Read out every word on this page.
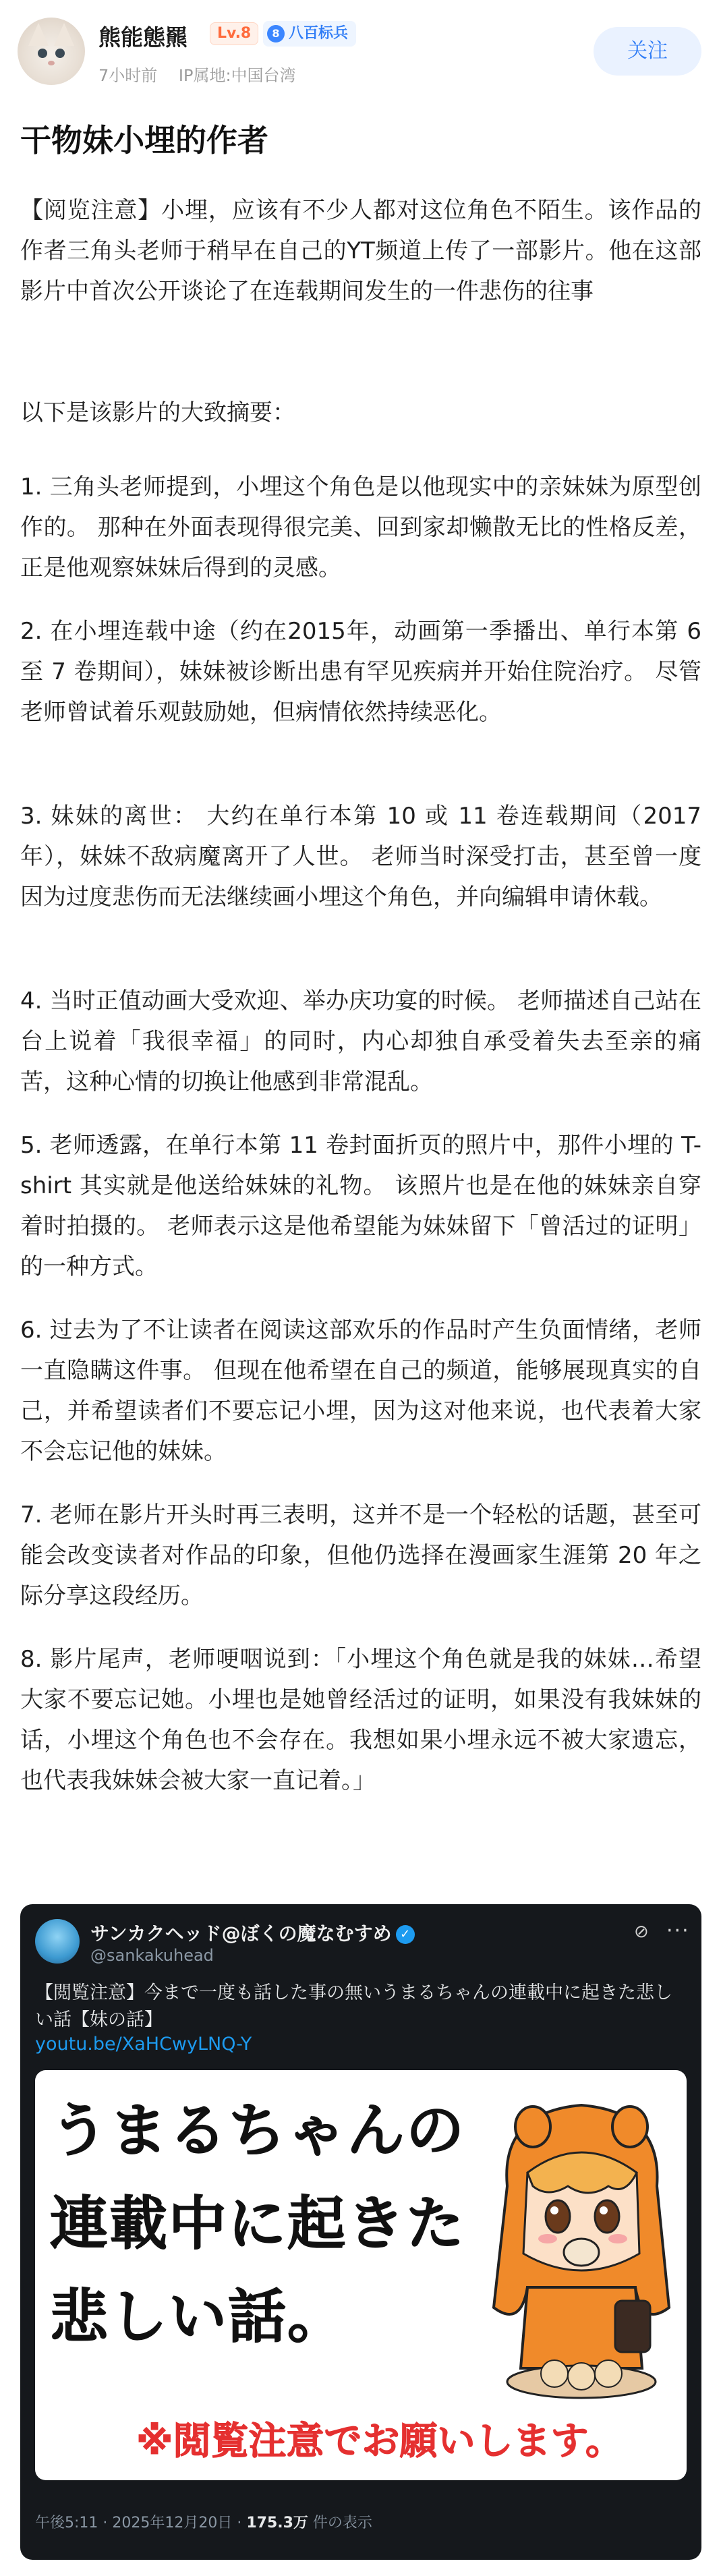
熊能態羆	Lv.8	8 八百标兵
7小时前 IP属地:中国台湾
关注
干物妹小埋的作者
【阅览注意】小埋，应该有不少人都对这位角色不陌生。该作品的作者三角头老师于稍早在自己的YT频道上传了一部影片。他在这部影片中首次公开谈论了在连载期间发生的一件悲伤的往事
以下是该影片的大致摘要：
1. 三角头老师提到，小埋这个角色是以他现实中的亲妹妹为原型创作的。 那种在外面表现得很完美、回到家却懒散无比的性格反差，正是他观察妹妹后得到的灵感。
2. 在小埋连载中途（约在2015年，动画第一季播出、单行本第 6 至 7 卷期间），妹妹被诊断出患有罕见疾病并开始住院治疗。 尽管老师曾试着乐观鼓励她，但病情依然持续恶化。
3. 妹妹的离世： 大约在单行本第 10 或 11 卷连载期间（2017年），妹妹不敌病魔离开了人世。 老师当时深受打击，甚至曾一度因为过度悲伤而无法继续画小埋这个角色，并向编辑申请休载。
4. 当时正值动画大受欢迎、举办庆功宴的时候。 老师描述自己站在台上说着「我很幸福」的同时，内心却独自承受着失去至亲的痛苦，这种心情的切换让他感到非常混乱。
5. 老师透露，在单行本第 11 卷封面折页的照片中，那件小埋的 T-shirt 其实就是他送给妹妹的礼物。 该照片也是在他的妹妹亲自穿着时拍摄的。 老师表示这是他希望能为妹妹留下「曾活过的证明」的一种方式。
6. 过去为了不让读者在阅读这部欢乐的作品时产生负面情绪，老师一直隐瞒这件事。 但现在他希望在自己的频道，能够展现真实的自己，并希望读者们不要忘记小埋，因为这对他来说，也代表着大家不会忘记他的妹妹。
7. 老师在影片开头时再三表明，这并不是一个轻松的话题，甚至可能会改变读者对作品的印象，但他仍选择在漫画家生涯第 20 年之际分享这段经历。
8. 影片尾声，老师哽咽说到：「小埋这个角色就是我的妹妹…希望大家不要忘记她。小埋也是她曾经活过的证明，如果没有我妹妹的话，小埋这个角色也不会存在。我想如果小埋永远不被大家遗忘，也代表我妹妹会被大家一直记着。」
サンカクヘッド@ぼくの魔なむすめ ✓
@sankakuhead
⊘ ···
【閲覧注意】今まで一度も話した事の無いうまるちゃんの連載中に起きた悲しい話【妹の話】
youtu.be/XaHCwyLNQ-Y
うまるちゃんの
連載中に起きた
悲しい話。
※閲覧注意でお願いします。
午後5:11 · 2025年12月20日 · 175.3万 件の表示
